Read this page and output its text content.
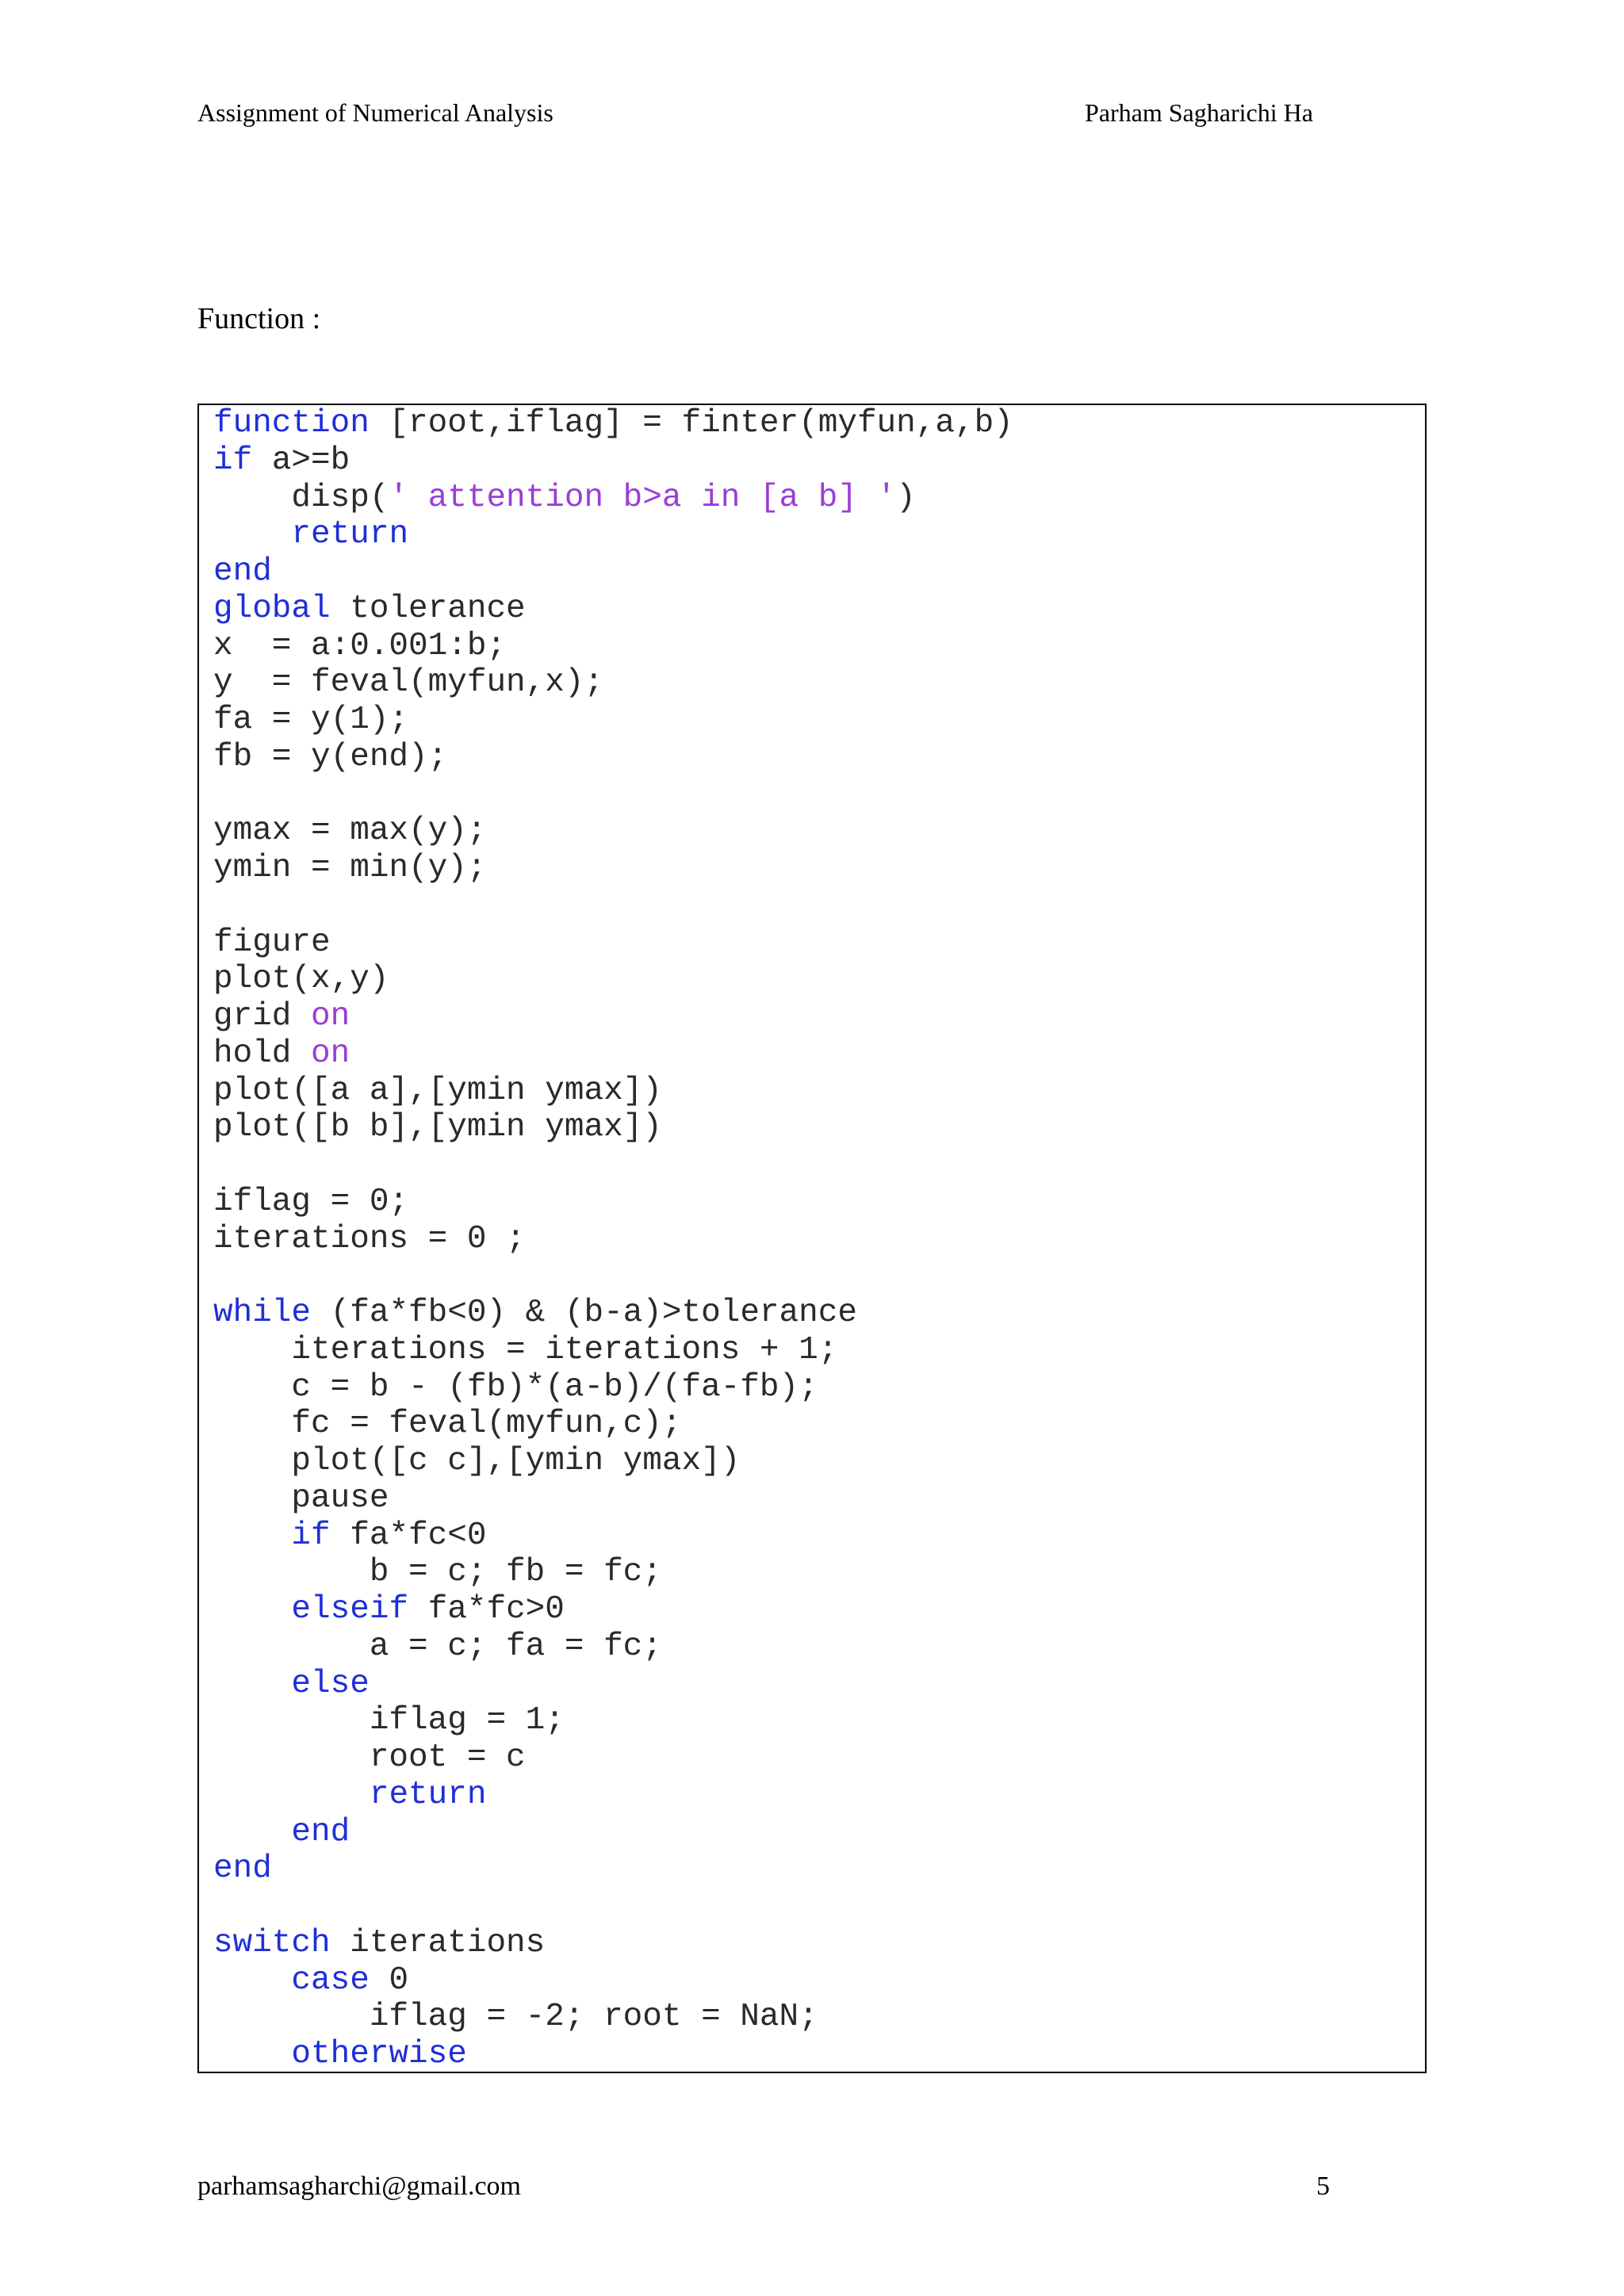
Assignment of Numerical Analysis	Parham Sagharichi Ha
Function :
function [root,iflag] = finter(myfun,a,b)
if a>=b
disp(' attention b>a in [a b] ')
return
end
global tolerance
x  = a:0.001:b;
y  = feval(myfun,x);
fa = y(1);
fb = y(end);
ymax = max(y);
ymin = min(y);
figure
plot(x,y)
grid on
hold on
plot([a a],[ymin ymax])
plot([b b],[ymin ymax])
iflag = 0;
iterations = 0 ;
while (fa*fb<0) & (b-a)>tolerance
iterations = iterations + 1;
c = b - (fb)*(a-b)/(fa-fb);
fc = feval(myfun,c);
plot([c c],[ymin ymax])
pause
if fa*fc<0
b = c; fb = fc;
elseif fa*fc>0
a = c; fa = fc;
else
iflag = 1;
root = c
return
end
end
switch iterations
case 0
iflag = -2; root = NaN;
otherwise
parhamsagharchi@gmail.com	5
